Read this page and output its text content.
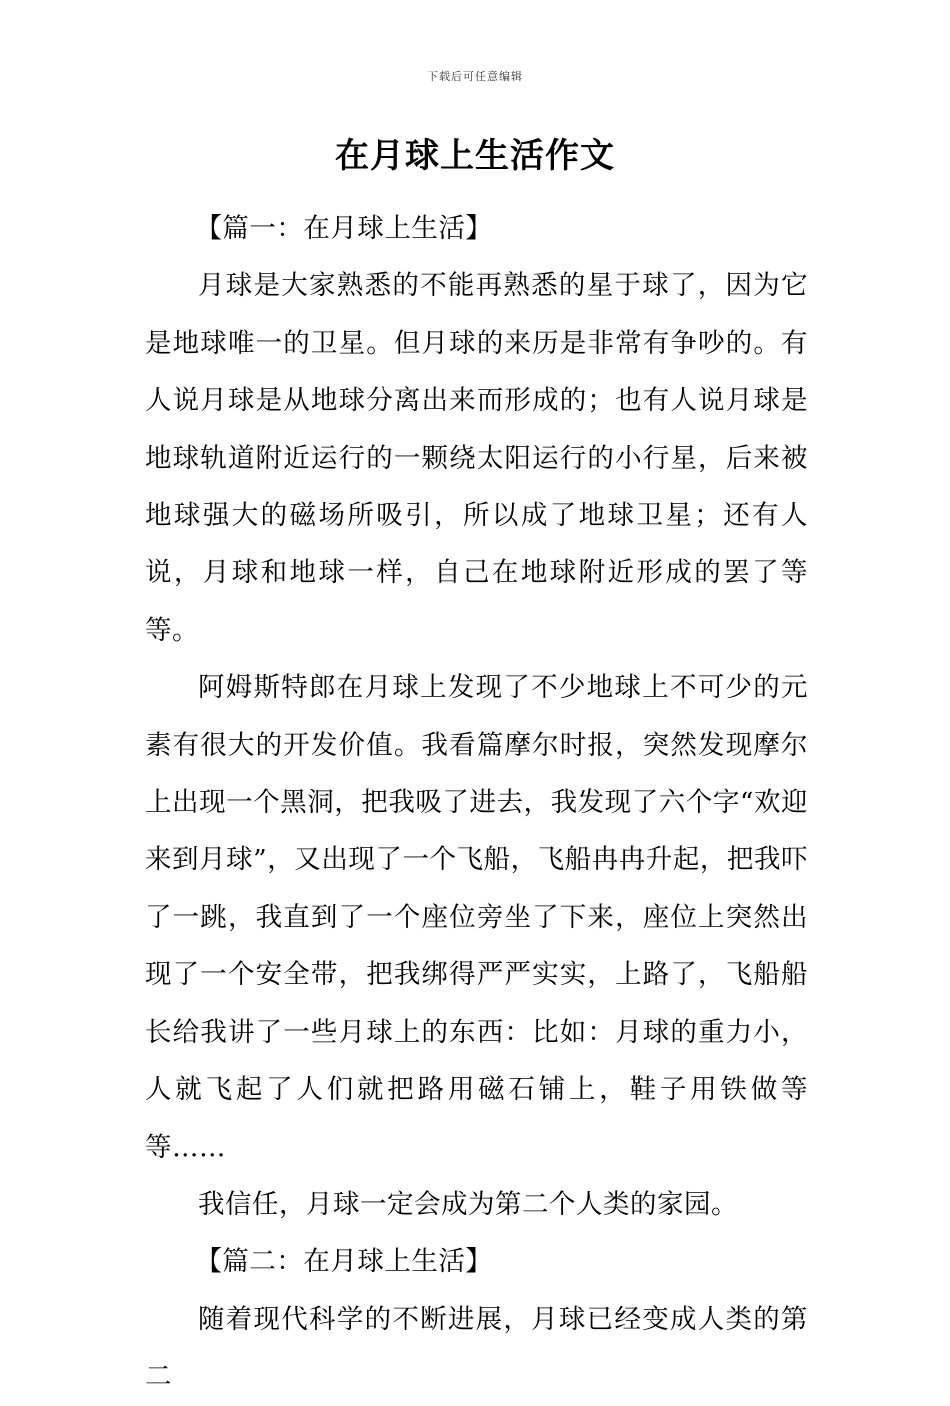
下载后可任意编辑
在月球上生活作文

【篇一：在月球上生活】

月球是大家熟悉的不能再熟悉的星于球了，因为它是地球唯一的卫星。但月球的来历是非常有争吵的。有人说月球是从地球分离出来而形成的；也有人说月球是地球轨道附近运行的一颗绕太阳运行的小行星，后来被地球强大的磁场所吸引，所以成了地球卫星；还有人说，月球和地球一样，自己在地球附近形成的罢了等等。

阿姆斯特郎在月球上发现了不少地球上不可少的元素有很大的开发价值。我看篇摩尔时报，突然发现摩尔上出现一个黑洞，把我吸了进去，我发现了六个字“欢迎来到月球”，又出现了一个飞船，飞船冉冉升起，把我吓了一跳，我直到了一个座位旁坐了下来，座位上突然出现了一个安全带，把我绑得严严实实，上路了，飞船船长给我讲了一些月球上的东西：比如：月球的重力小，人就飞起了人们就把路用磁石铺上，鞋子用铁做等等……

我信任，月球一定会成为第二个人类的家园。

【篇二：在月球上生活】

随着现代科学的不断进展，月球已经变成人类的第二
